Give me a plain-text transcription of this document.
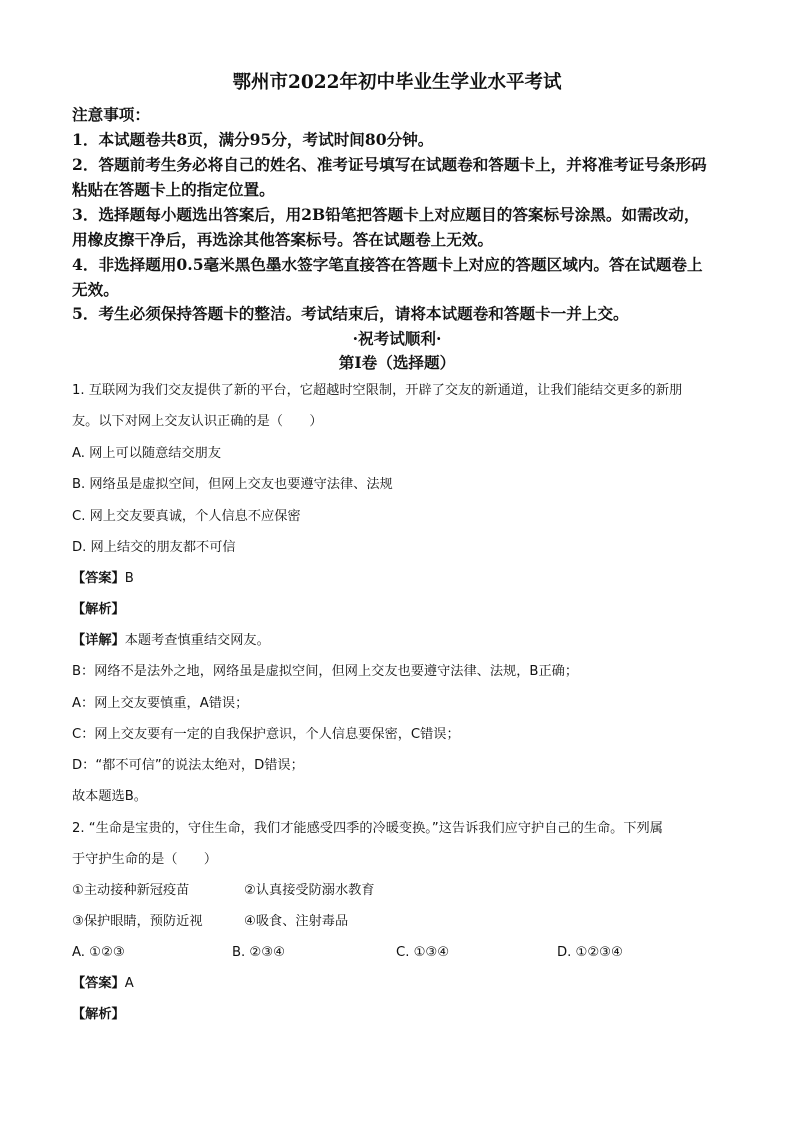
鄂州市2022年初中毕业生学业水平考试
注意事项：
1．本试题卷共8页，满分95分，考试时间80分钟。
2．答题前考生务必将自己的姓名、准考证号填写在试题卷和答题卡上，并将准考证号条形码
粘贴在答题卡上的指定位置。
3．选择题每小题选出答案后，用2B铅笔把答题卡上对应题目的答案标号涂黑。如需改动，
用橡皮擦干净后，再选涂其他答案标号。答在试题卷上无效。
4．非选择题用0.5毫米黑色墨水签字笔直接答在答题卡上对应的答题区域内。答在试题卷上
无效。
5．考生必须保持答题卡的整洁。考试结束后，请将本试题卷和答题卡一并上交。
·祝考试顺利·
第Ⅰ卷（选择题）
1. 互联网为我们交友提供了新的平台，它超越时空限制，开辟了交友的新通道，让我们能结交更多的新朋
友。以下对网上交友认识正确的是（　　）
A. 网上可以随意结交朋友
B. 网络虽是虚拟空间，但网上交友也要遵守法律、法规
C. 网上交友要真诚，个人信息不应保密
D. 网上结交的朋友都不可信
【答案】B
【解析】
【详解】本题考查慎重结交网友。
B：网络不是法外之地，网络虽是虚拟空间，但网上交友也要遵守法律、法规，B正确；
A：网上交友要慎重，A错误；
C：网上交友要有一定的自我保护意识，个人信息要保密，C错误；
D：“都不可信”的说法太绝对，D错误；
故本题选B。
2. “生命是宝贵的，守住生命，我们才能感受四季的冷暖变换。”这告诉我们应守护自己的生命。下列属
于守护生命的是（　　）
①主动接种新冠疫苗	②认真接受防溺水教育
③保护眼睛，预防近视	④吸食、注射毒品
A. ①②③	B. ②③④	C. ①③④	D. ①②③④
【答案】A
【解析】
